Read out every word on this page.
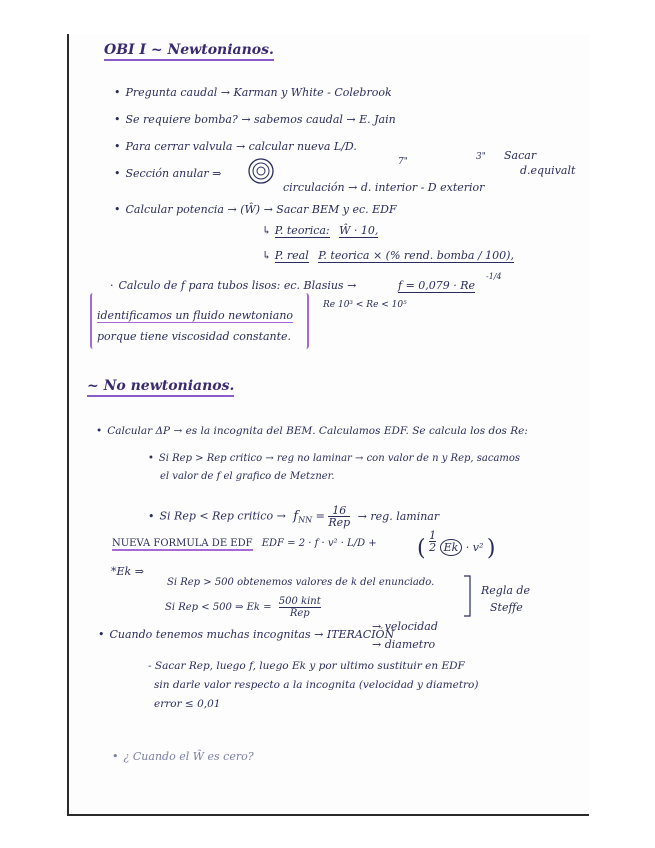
OBI I ~ Newtonianos.
• Pregunta caudal → Karman y White - Colebrook
• Se requiere bomba? → sabemos caudal → E. Jain
• Para cerrar valvula → calcular nueva L/D.
• Sección anular ⇒
circulación → d. interior - D exterior
7"	3" Sacar
d.equivalt
• Calcular potencia → (Ŵ) → Sacar BEM y ec. EDF
↳ P. teorica: Ŵ · 10,
↳ P. real P. teorica × (% rend. bomba / 100),
· Calculo de f para tubos lisos: ec. Blasius →	f = 0,079 · Re
-1/4
Re 10³ < Re < 10⁵
identificamos un fluido newtoniano
porque tiene viscosidad constante.
~ No newtonianos.
• Calcular ΔP → es la incognita del BEM. Calculamos EDF. Se calcula los dos Re:
• Si Rep > Rep critico → reg no laminar → con valor de n y Rep, sacamos
el valor de f el grafico de Metzner.
• Si Rep < Rep critico → $f_{NN} = \frac{16}{\text{Rep}}$ → reg. laminar
NUEVA FORMULA DE EDF EDF = 2 · f · v² · L/D + ( $\frac{1}{2}$ Ek · v² )
*Ek ⇒
Si Rep > 500 obtenemos valores de k del enunciado.
Si Rep < 500 ⇒ $Ek = \frac{\text{500 kint}}{\text{Rep}}$
Regla de
Steffe
• Cuando tenemos muchas incognitas → ITERACIÓN
→ velocidad
→ diametro
- Sacar Rep, luego f, luego Ek y por ultimo sustituir en EDF
sin darle valor respecto a la incognita (velocidad y diametro)
error ≤ 0,01
• ¿ Cuando el Ŵ es cero?
